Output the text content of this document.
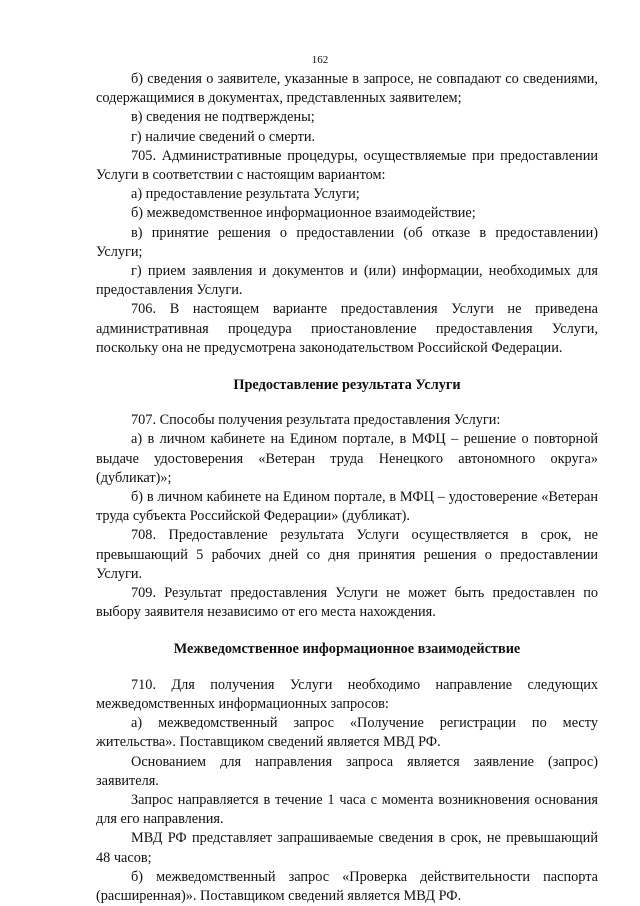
162

б) сведения о заявителе, указанные в запросе, не совпадают со сведениями, содержащимися в документах, представленных заявителем;

в) сведения не подтверждены;

г) наличие сведений о смерти.

705. Административные процедуры, осуществляемые при предоставлении Услуги в соответствии с настоящим вариантом:

а) предоставление результата Услуги;

б) межведомственное информационное взаимодействие;

в) принятие решения о предоставлении (об отказе в предоставлении) Услуги;

г) прием заявления и документов и (или) информации, необходимых для предоставления Услуги.

706. В настоящем варианте предоставления Услуги не приведена административная процедура приостановление предоставления Услуги, поскольку она не предусмотрена законодательством Российской Федерации.

Предоставление результата Услуги

707. Способы получения результата предоставления Услуги:

а) в личном кабинете на Едином портале, в МФЦ – решение о повторной выдаче удостоверения «Ветеран труда Ненецкого автономного округа» (дубликат)»;

б) в личном кабинете на Едином портале, в МФЦ – удостоверение «Ветеран труда субъекта Российской Федерации» (дубликат).

708. Предоставление результата Услуги осуществляется в срок, не превышающий 5 рабочих дней со дня принятия решения о предоставлении Услуги.

709. Результат предоставления Услуги не может быть предоставлен по выбору заявителя независимо от его места нахождения.

Межведомственное информационное взаимодействие

710. Для получения Услуги необходимо направление следующих межведомственных информационных запросов:

а) межведомственный запрос «Получение регистрации по месту жительства». Поставщиком сведений является МВД РФ.

Основанием для направления запроса является заявление (запрос) заявителя.

Запрос направляется в течение 1 часа с момента возникновения основания для его направления.

МВД РФ представляет запрашиваемые сведения в срок, не превышающий 48 часов;

б) межведомственный запрос «Проверка действительности паспорта (расширенная)». Поставщиком сведений является МВД РФ.
